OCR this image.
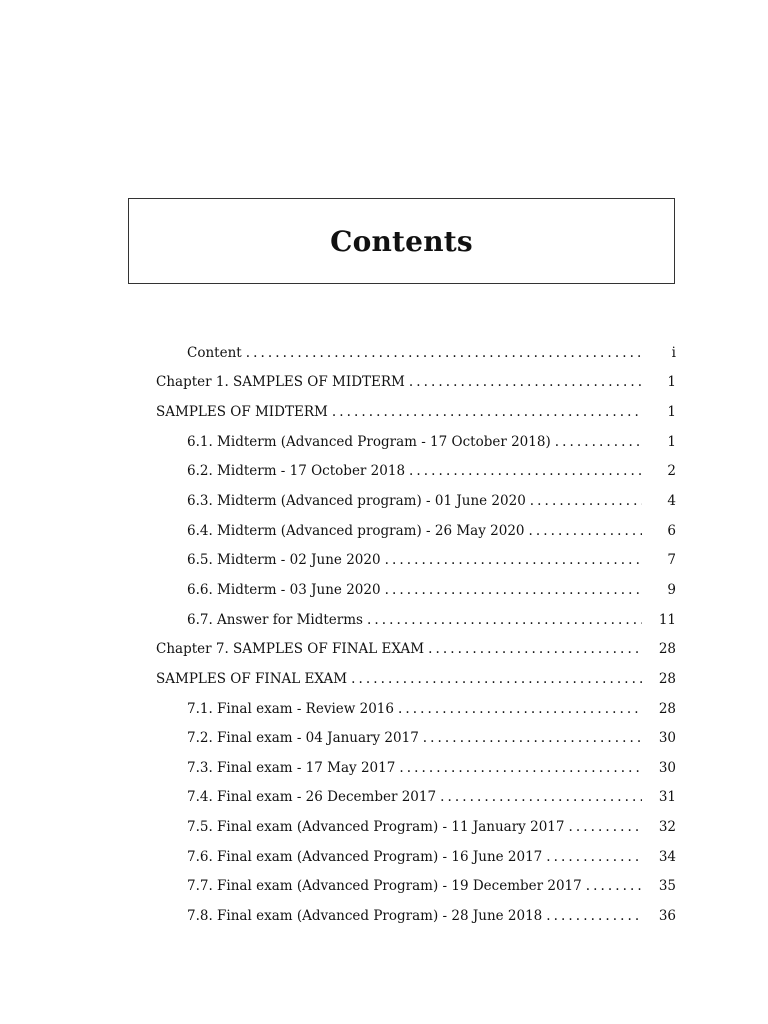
Contents
Content . . .	i
Chapter 1. SAMPLES OF MIDTERM . . .	1
SAMPLES OF MIDTERM . . .	1
6.1. Midterm (Advanced Program - 17 October 2018) . . .	1
6.2. Midterm - 17 October 2018 . . .	2
6.3. Midterm (Advanced program) - 01 June 2020 . . .	4
6.4. Midterm (Advanced program) - 26 May 2020 . . .	6
6.5. Midterm - 02 June 2020 . . .	7
6.6. Midterm - 03 June 2020 . . .	9
6.7. Answer for Midterms . . .	11
Chapter 7. SAMPLES OF FINAL EXAM . . .	28
SAMPLES OF FINAL EXAM . . .	28
7.1. Final exam - Review 2016 . . .	28
7.2. Final exam - 04 January 2017 . . .	30
7.3. Final exam - 17 May 2017 . . .	30
7.4. Final exam - 26 December 2017 . . .	31
7.5. Final exam (Advanced Program) - 11 January 2017 . . .	32
7.6. Final exam (Advanced Program) - 16 June 2017 . . .	34
7.7. Final exam (Advanced Program) - 19 December 2017 . . .	35
7.8. Final exam (Advanced Program) - 28 June 2018 . . .	36
